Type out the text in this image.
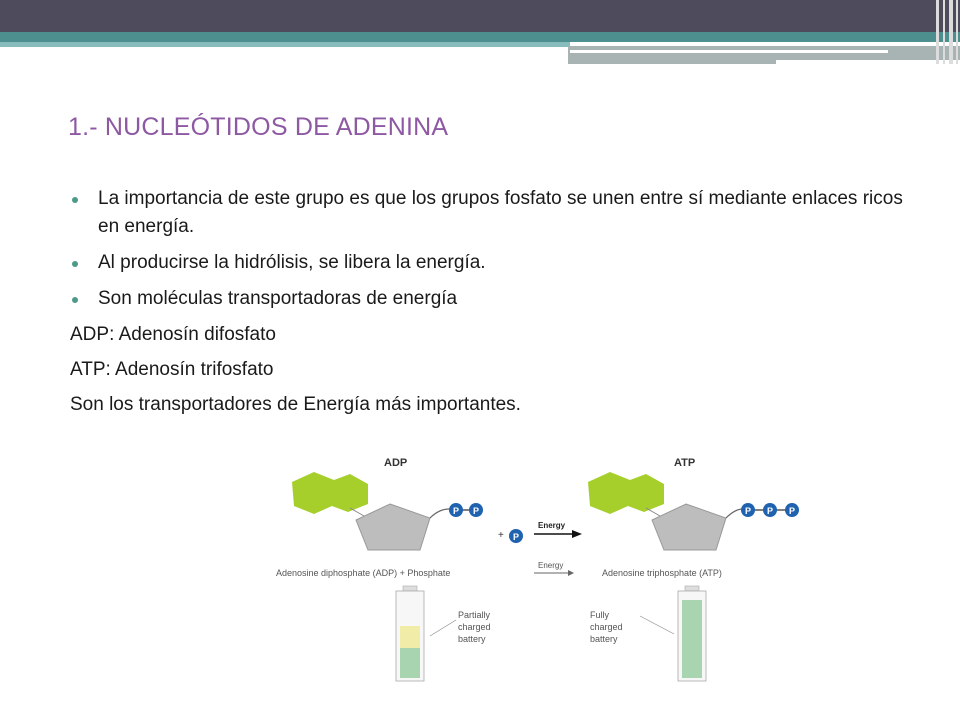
1.- NUCLEÓTIDOS DE ADENINA
La importancia de este grupo es que los grupos fosfato se unen entre sí mediante enlaces ricos en energía.
Al producirse la hidrólisis, se libera la energía.
Son moléculas transportadoras de energía
ADP: Adenosín difosfato
ATP: Adenosín trifosfato
Son los transportadores de Energía más importantes.
ADP
P P
+ P
Energy
ATP
P P P
Adenosine diphosphate (ADP) + Phosphate
Energy
Adenosine triphosphate (ATP)
Partially
charged
battery
Fully
charged
battery
